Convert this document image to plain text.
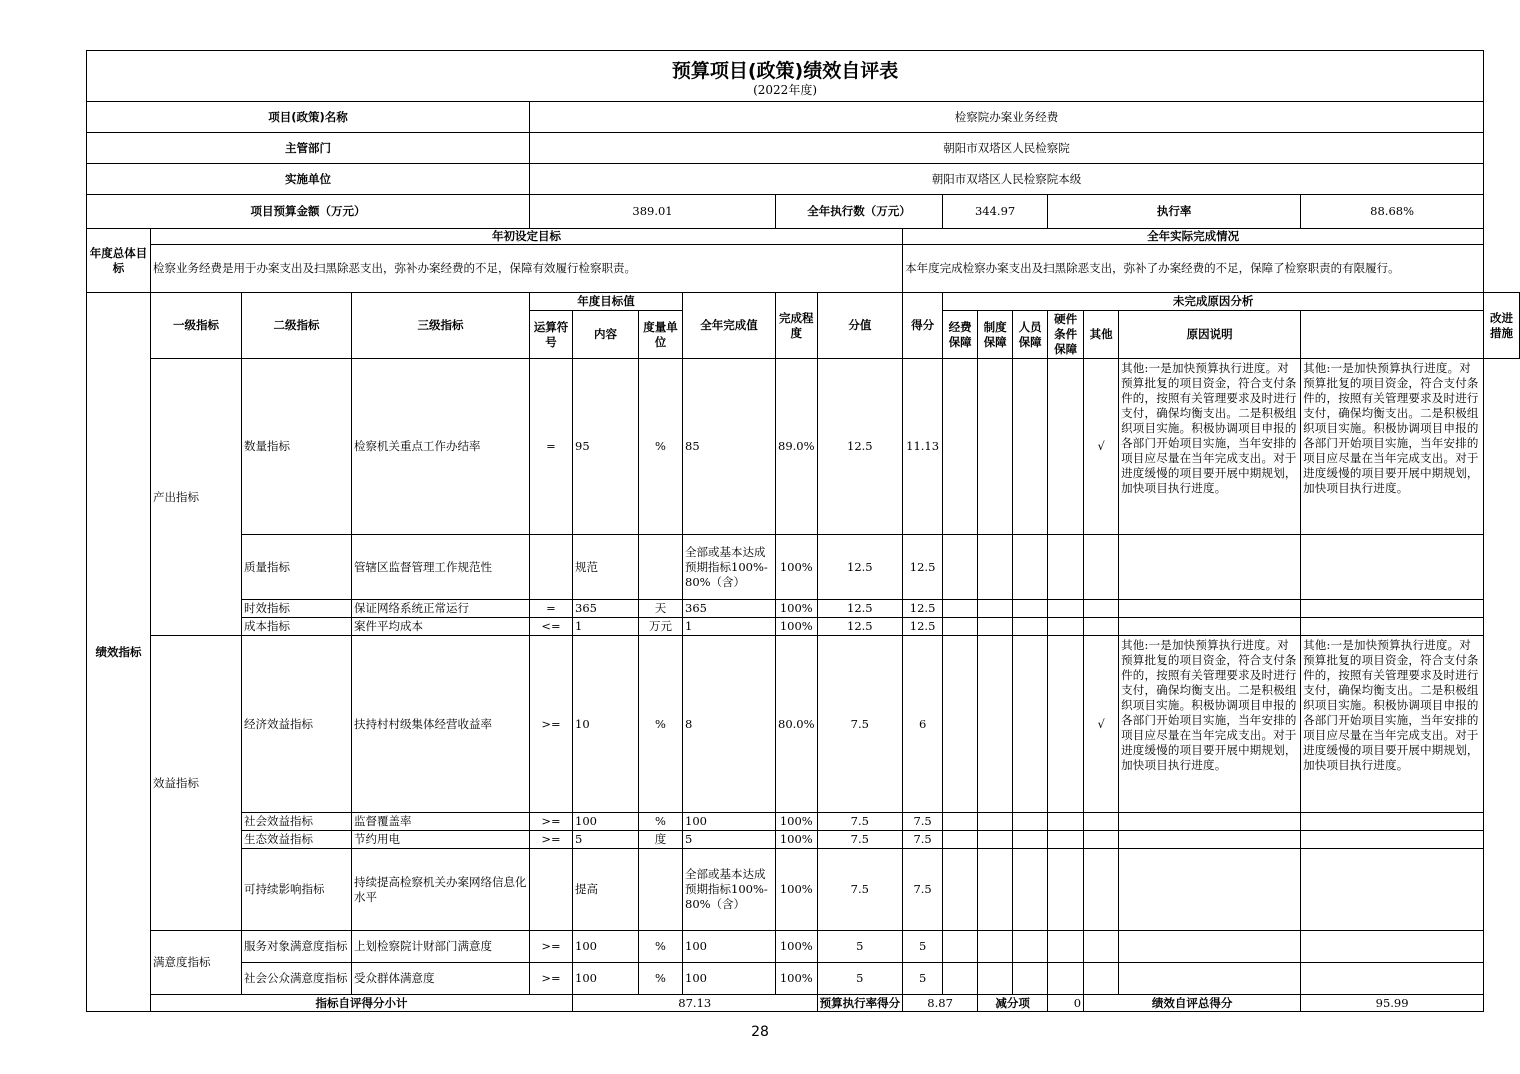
预算项目(政策)绩效自评表
(2022年度)																		

项目(政策)名称				检察院办案业务经费														
主管部门				朝阳市双塔区人民检察院														
实施单位				朝阳市双塔区人民检察院本级														
项目预算金额（万元）				389.01				全年执行数（万元）			344.97			执行率			88.68%	
年度总体目标	年初设定目标									全年实际完成情况								
	检察业务经费是用于办案支出及扫黑除恶支出，弥补办案经费的不足，保障有效履行检察职责。									本年度完成检察办案支出及扫黑除恶支出，弥补了办案经费的不足，保障了检察职责的有限履行。								
绩效指标	一级指标	二级指标	三级指标	年度目标值			全年完成值	完成程度	分值	得分	未完成原因分析							改进措施
				运算符号	内容	度量单位					经费保障	制度保障	人员保障	硬件条件保障	其他	原因说明		
	产出指标	数量指标	检察机关重点工作办结率	=	95	%	85	89.0%	12.5	11.13					√	其他:一是加快预算执行进度。对预算批复的项目资金，符合支付条件的，按照有关管理要求及时进行支付，确保均衡支出。二是积极组织项目实施。积极协调项目申报的各部门开始项目实施，当年安排的项目应尽量在当年完成支出。对于进度缓慢的项目要开展中期规划，加快项目执行进度。	其他:一是加快预算执行进度。对预算批复的项目资金，符合支付条件的，按照有关管理要求及时进行支付，确保均衡支出。二是积极组织项目实施。积极协调项目申报的各部门开始项目实施，当年安排的项目应尽量在当年完成支出。对于进度缓慢的项目要开展中期规划，加快项目执行进度。	
		质量指标	管辖区监督管理工作规范性		规范		全部或基本达成预期指标100%-80%（含）	100%	12.5	12.5								
		时效指标	保证网络系统正常运行	=	365	天	365	100%	12.5	12.5								
		成本指标	案件平均成本	<=	1	万元	1	100%	12.5	12.5								
	效益指标	经济效益指标	扶持村村级集体经营收益率	>=	10	%	8	80.0%	7.5	6					√	其他:一是加快预算执行进度。对预算批复的项目资金，符合支付条件的，按照有关管理要求及时进行支付，确保均衡支出。二是积极组织项目实施。积极协调项目申报的各部门开始项目实施，当年安排的项目应尽量在当年完成支出。对于进度缓慢的项目要开展中期规划，加快项目执行进度。	其他:一是加快预算执行进度。对预算批复的项目资金，符合支付条件的，按照有关管理要求及时进行支付，确保均衡支出。二是积极组织项目实施。积极协调项目申报的各部门开始项目实施，当年安排的项目应尽量在当年完成支出。对于进度缓慢的项目要开展中期规划，加快项目执行进度。	
		社会效益指标	监督覆盖率	>=	100	%	100	100%	7.5	7.5								
		生态效益指标	节约用电	>=	5	度	5	100%	7.5	7.5								
		可持续影响指标	持续提高检察机关办案网络信息化水平		提高		全部或基本达成预期指标100%-80%（含）	100%	7.5	7.5								
	满意度指标	服务对象满意度指标	上划检察院计财部门满意度	>=	100	%	100	100%	5	5								
		社会公众满意度指标	受众群体满意度	>=	100	%	100	100%	5	5								
	指标自评得分小计				87.13				预算执行率得分	8.87		减分项		0	绩效自评总得分		95.99	
28
